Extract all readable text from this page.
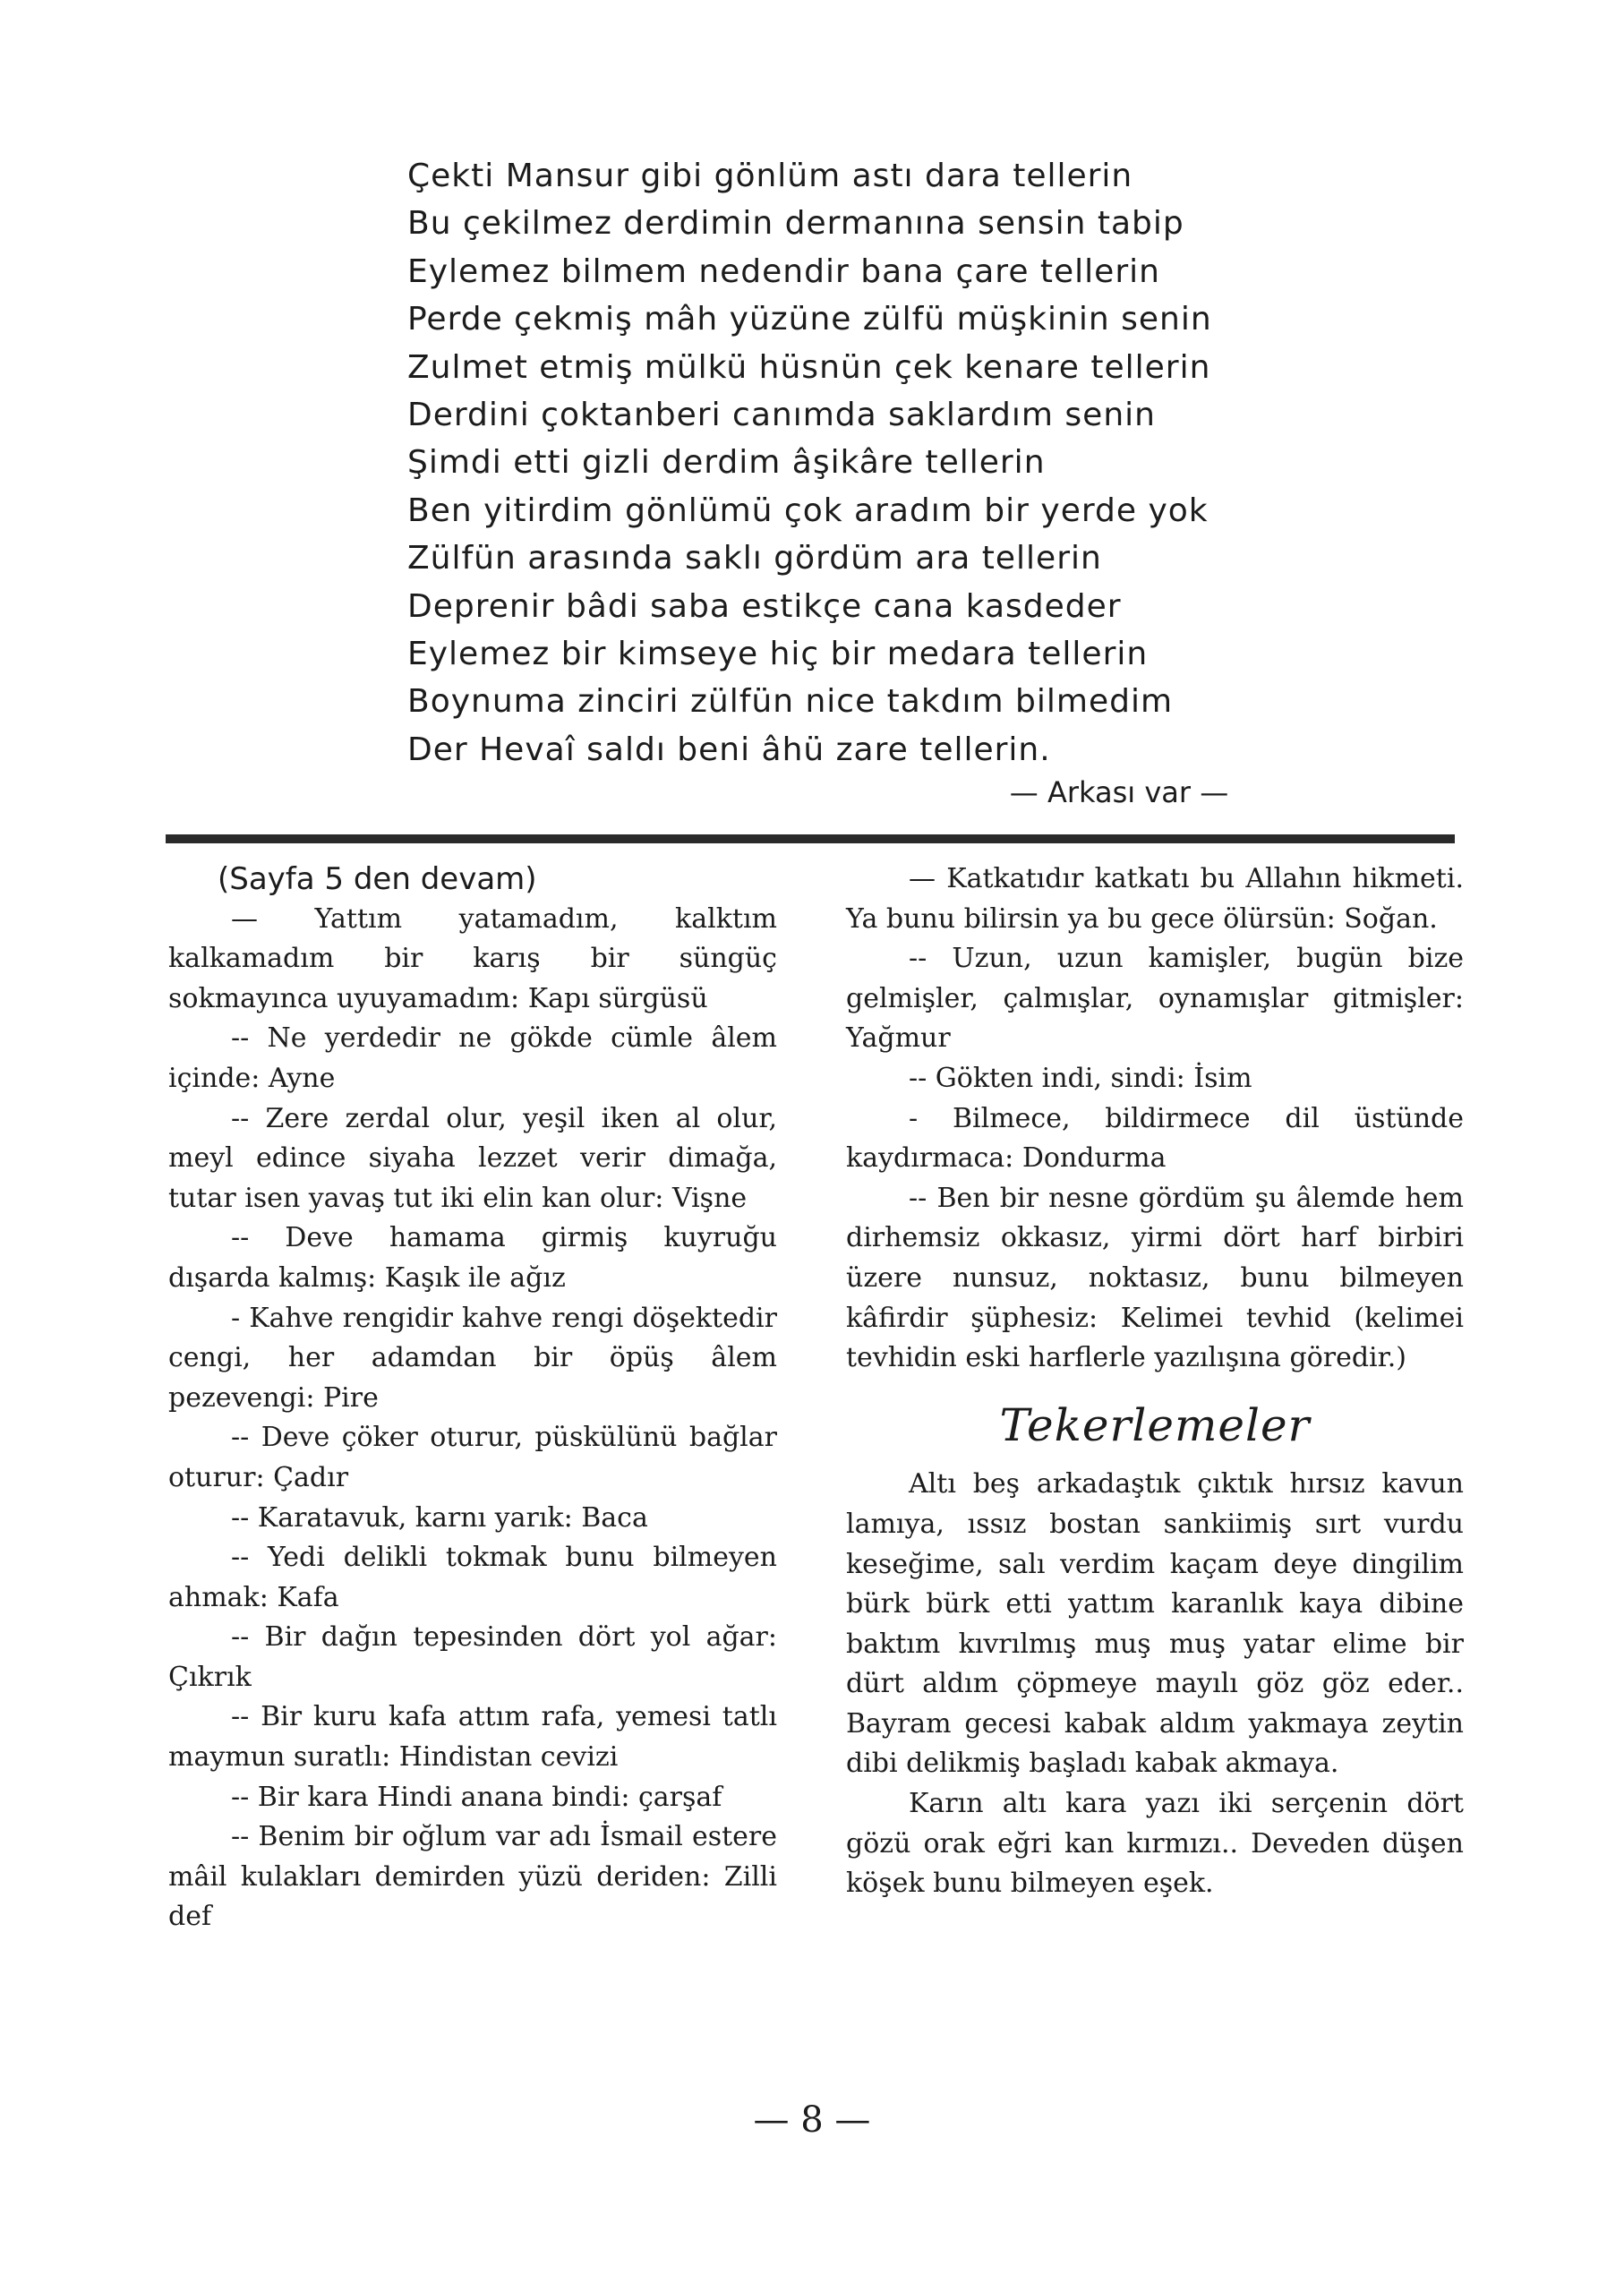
Çekti Mansur gibi gönlüm astı dara tellerin
Bu çekilmez derdimin dermanına sensin tabip
Eylemez bilmem nedendir bana çare tellerin
Perde çekmiş mâh yüzüne zülfü müşkinin senin
Zulmet etmiş mülkü hüsnün çek kenare tellerin
Derdini çoktanberi canımda saklardım senin
Şimdi etti gizli derdim âşikâre tellerin
Ben yitirdim gönlümü çok aradım bir yerde yok
Zülfün arasında saklı gördüm ara tellerin
Deprenir bâdi saba estikçe cana kasdeder
Eylemez bir kimseye hiç bir medara tellerin
Boynuma zinciri zülfün nice takdım bilmedim
Der Hevaî saldı beni âhü zare tellerin.
— Arkası var —

(Sayfa 5 den devam)

— Yattım yatamadım, kalktım kalkamadım bir karış bir süngüç sokmayınca uyuyamadım: Kapı sürgüsü

-- Ne yerdedir ne gökde cümle âlem içinde: Ayne

-- Zere zerdal olur, yeşil iken al olur, meyl edince siyaha lezzet verir dimağa, tutar isen yavaş tut iki elin kan olur: Vişne

-- Deve hamama girmiş kuyruğu dışarda kalmış: Kaşık ile ağız

- Kahve rengidir kahve rengi döşektedir cengi, her adamdan bir öpüş âlem pezevengi: Pire

-- Deve çöker oturur, püskülünü bağlar oturur: Çadır

-- Karatavuk, karnı yarık: Baca

-- Yedi delikli tokmak bunu bilmeyen ahmak: Kafa

-- Bir dağın tepesinden dört yol ağar: Çıkrık

-- Bir kuru kafa attım rafa, yemesi tatlı maymun suratlı: Hindistan cevizi

-- Bir kara Hindi anana bindi: çarşaf

-- Benim bir oğlum var adı İsmail estere mâil kulakları demirden yüzü deriden: Zilli def

— Katkatıdır katkatı bu Allahın hikmeti. Ya bunu bilirsin ya bu gece ölürsün: Soğan.

-- Uzun, uzun kamişler, bugün bize gelmişler, çalmışlar, oynamışlar gitmişler: Yağmur

-- Gökten indi, sindi: İsim

- Bilmece, bildirmece dil üstünde kaydırmaca: Dondurma

-- Ben bir nesne gördüm şu âlemde hem dirhemsiz okkasız, yirmi dört harf birbiri üzere nunsuz, noktasız, bunu bilmeyen kâfirdir şüphesiz: Kelimei tevhid (kelimei tevhidin eski harflerle yazılışına göredir.)

Tekerlemeler

Altı beş arkadaştık çıktık hırsız kavun lamıya, ıssız bostan sankiimiş sırt vurdu keseğime, salı verdim kaçam deye dingilim bürk bürk etti yattım karanlık kaya dibine baktım kıvrılmış muş muş yatar elime bir dürt aldım çöpmeye mayılı göz göz eder.. Bayram gecesi kabak aldım yakmaya zeytin dibi delikmiş başladı kabak akmaya.

Karın altı kara yazı iki serçenin dört gözü orak eğri kan kırmızı.. Deveden düşen köşek bunu bilmeyen eşek.

— 8 —
